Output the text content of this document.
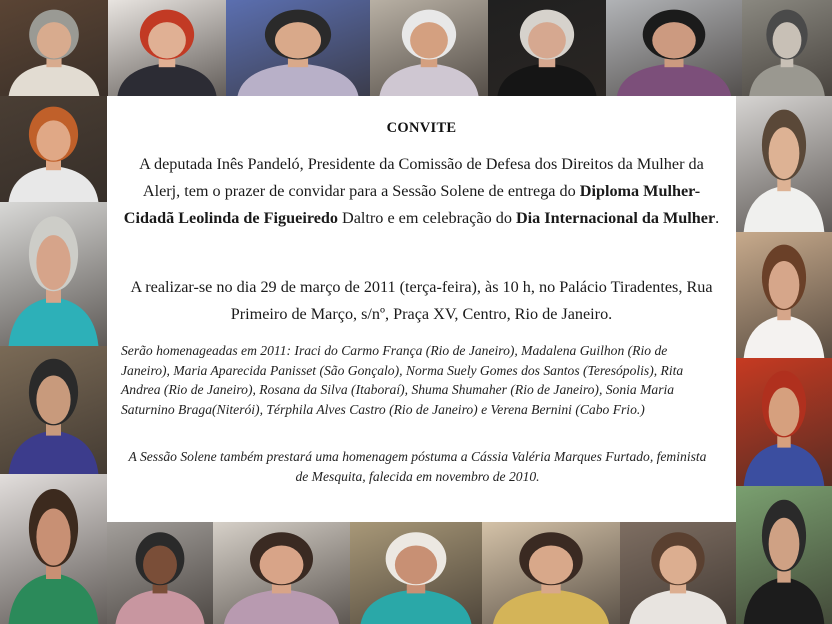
CONVITE
A deputada Inês Pandeló, Presidente da Comissão de Defesa dos Direitos da Mulher da Alerj, tem o prazer de convidar para a Sessão Solene de entrega do Diploma Mulher-Cidadã Leolinda de Figueiredo Daltro e em celebração do Dia Internacional da Mulher.
A realizar-se no dia 29 de março de 2011 (terça-feira), às 10 h, no Palácio Tiradentes, Rua Primeiro de Março, s/nº, Praça XV, Centro, Rio de Janeiro.
Serão homenageadas em 2011: Iraci do Carmo França (Rio de Janeiro), Madalena Guilhon (Rio de Janeiro), Maria Aparecida Panisset (São Gonçalo), Norma Suely Gomes dos Santos (Teresópolis), Rita Andrea (Rio de Janeiro), Rosana da Silva (Itaboraí), Shuma Shumaher (Rio de Janeiro), Sonia Maria Saturnino Braga(Niterói), Térphila Alves Castro (Rio de Janeiro) e Verena Bernini (Cabo Frio.)
A Sessão Solene também prestará uma homenagem póstuma a Cássia Valéria Marques Furtado, feminista de Mesquita, falecida em novembro de 2010.
